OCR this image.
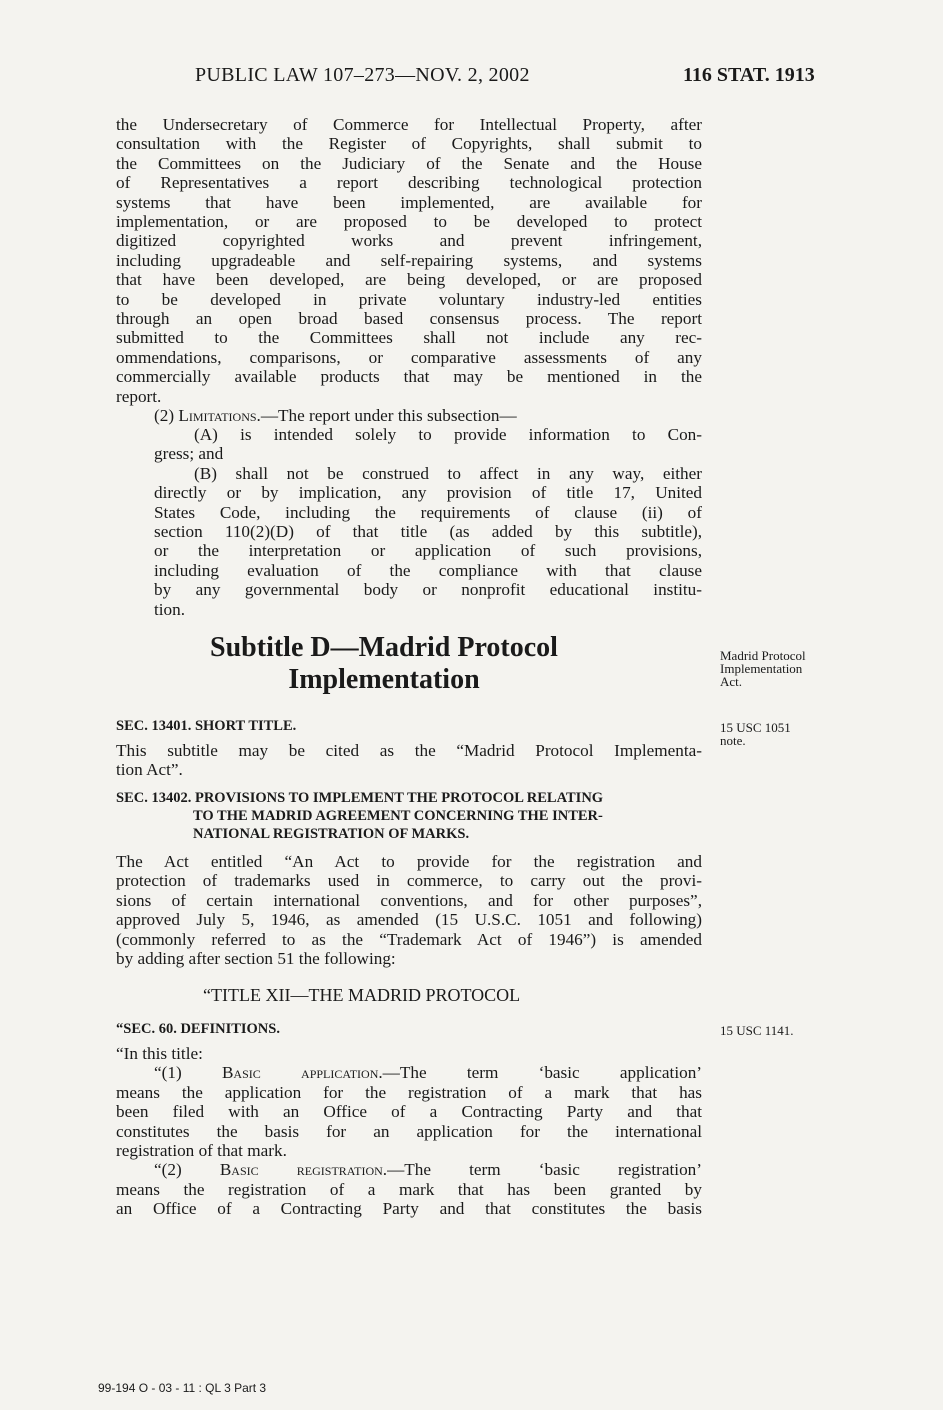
PUBLIC LAW 107–273—NOV. 2, 2002	116 STAT. 1913
the Undersecretary of Commerce for Intellectual Property, after
consultation with the Register of Copyrights, shall submit to
the Committees on the Judiciary of the Senate and the House
of Representatives a report describing technological protection
systems that have been implemented, are available for
implementation, or are proposed to be developed to protect
digitized copyrighted works and prevent infringement,
including upgradeable and self-repairing systems, and systems
that have been developed, are being developed, or are proposed
to be developed in private voluntary industry-led entities
through an open broad based consensus process. The report
submitted to the Committees shall not include any rec-
ommendations, comparisons, or comparative assessments of any
commercially available products that may be mentioned in the
report.
(2) Limitations.—The report under this subsection—
(A) is intended solely to provide information to Con-
gress; and
(B) shall not be construed to affect in any way, either
directly or by implication, any provision of title 17, United
States Code, including the requirements of clause (ii) of
section 110(2)(D) of that title (as added by this subtitle),
or the interpretation or application of such provisions,
including evaluation of the compliance with that clause
by any governmental body or nonprofit educational institu-
tion.
Subtitle D—Madrid Protocol
Implementation
Madrid Protocol
Implementation
Act.
15 USC 1051
note.
15 USC 1141.
SEC. 13401. SHORT TITLE.
This subtitle may be cited as the “Madrid Protocol Implementa-
tion Act”.
SEC. 13402. PROVISIONS TO IMPLEMENT THE PROTOCOL RELATING
TO THE MADRID AGREEMENT CONCERNING THE INTER-
NATIONAL REGISTRATION OF MARKS.
The Act entitled “An Act to provide for the registration and
protection of trademarks used in commerce, to carry out the provi-
sions of certain international conventions, and for other purposes”,
approved July 5, 1946, as amended (15 U.S.C. 1051 and following)
(commonly referred to as the “Trademark Act of 1946”) is amended
by adding after section 51 the following:
“TITLE XII—THE MADRID PROTOCOL
“SEC. 60. DEFINITIONS.
“In this title:
“(1) Basic application.—The term ‘basic application’
means the application for the registration of a mark that has
been filed with an Office of a Contracting Party and that
constitutes the basis for an application for the international
registration of that mark.
“(2) Basic registration.—The term ‘basic registration’
means the registration of a mark that has been granted by
an Office of a Contracting Party and that constitutes the basis
99-194 O - 03 - 11 : QL 3 Part 3
